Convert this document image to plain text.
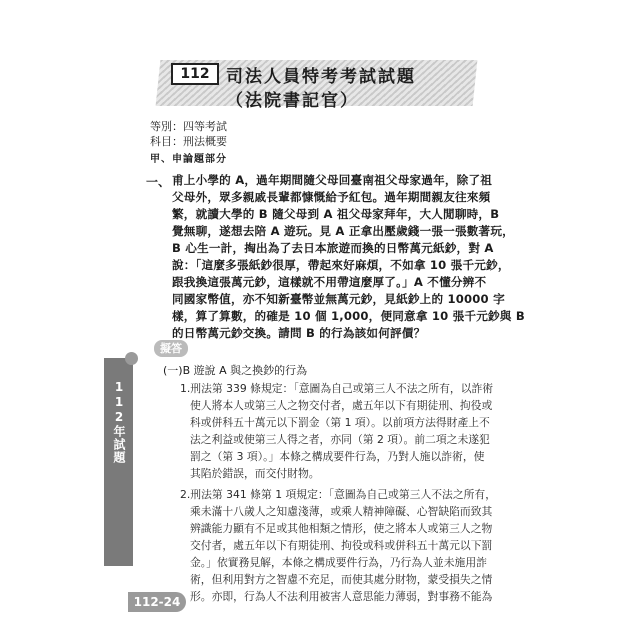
112 司法人員特考考試試題
（法院書記官）
等別：四等考試
科目：刑法概要
甲、申論題部分
一、 甫上小學的 A，過年期間隨父母回臺南祖父母家過年，除了祖
父母外，眾多親戚長輩都慷慨給予紅包。過年期間親友往來頻
繁，就讀大學的 B 隨父母到 A 祖父母家拜年，大人閒聊時，B
覺無聊，遂想去陪 A 遊玩。見 A 正拿出壓歲錢一張一張數著玩，
B 心生一計，掏出為了去日本旅遊而換的日幣萬元紙鈔，對 A
說：「這麼多張紙鈔很厚，帶起來好麻煩，不如拿 10 張千元鈔，
跟我換這張萬元鈔，這樣就不用帶這麼厚了。」A 不懂分辨不
同國家幣值，亦不知新臺幣並無萬元鈔，見紙鈔上的 10000 字
樣，算了算數，的確是 10 個 1,000，便同意拿 10 張千元鈔與 B
的日幣萬元鈔交換。請問 B 的行為該如何評價？
112年試題
擬答
(一)B 遊說 A 與之換鈔的行為
1.刑法第 339 條規定：「意圖為自己或第三人不法之所有，以詐術
使人將本人或第三人之物交付者，處五年以下有期徒刑、拘役或
科或併科五十萬元以下罰金（第 1 項）。以前項方法得財產上不
法之利益或使第三人得之者，亦同（第 2 項）。前二項之未遂犯
罰之（第 3 項）。」本條之構成要件行為，乃對人施以詐術，使
其陷於錯誤，而交付財物。
2.刑法第 341 條第 1 項規定：「意圖為自己或第三人不法之所有，
乘未滿十八歲人之知慮淺薄，或乘人精神障礙、心智缺陷而致其
辨識能力顯有不足或其他相類之情形，使之將本人或第三人之物
交付者，處五年以下有期徒刑、拘役或科或併科五十萬元以下罰
金。」依實務見解，本條之構成要件行為，乃行為人並未施用詐
術，但利用對方之智慮不充足，而使其處分財物，蒙受損失之情
形。亦即，行為人不法利用被害人意思能力薄弱，對事務不能為
112-24
